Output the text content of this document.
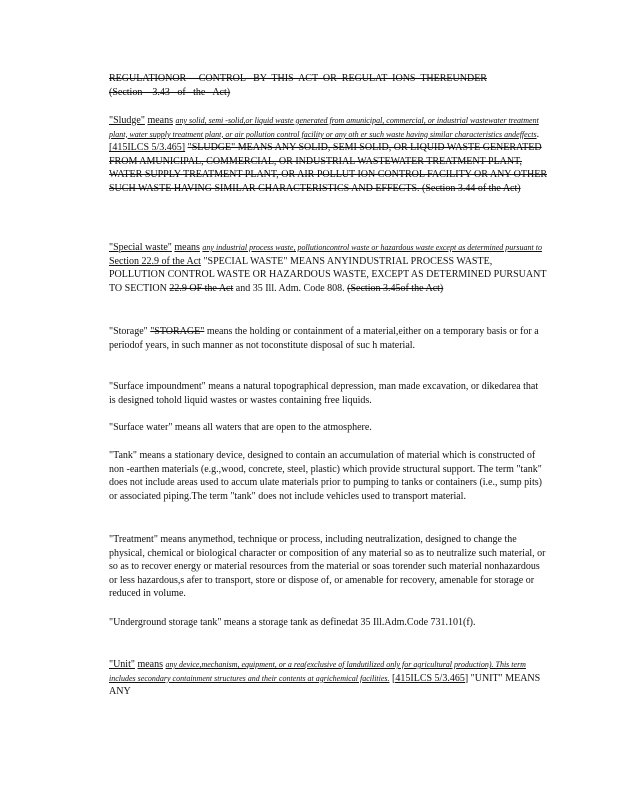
REGULATIONOR     CONTROL   BY  THIS  ACT  OR  REGULAT  IONS  THEREUNDER
(Section    3.43   of   the   Act)
"Sludge" means any solid, semi -solid,or liquid waste generated from amunicipal, commercial, or industrial wastewater treatment plant, water supply treatment plant, or air pollution control facility or any oth er such waste having similar characteristics andeffects. [415ILCS 5/3.465] "SLUDGE" MEANS ANY SOLID, SEMI SOLID, OR LIQUID WASTE GENERATED FROM AMUNICIPAL, COMMERCIAL, OR INDUSTRIAL WASTEWATER TREATMENT PLANT, WATER SUPPLY TREATMENT PLANT, OR AIR POLLUT ION CONTROL FACILITY OR ANY OTHER SUCH WASTE HAVING SIMILAR CHARACTERISTICS AND EFFECTS. (Section 3.44 of the Act)
"Special waste" means any industrial process waste, pollutioncontrol waste or hazardous waste except as determined pursuant to Section 22.9 of the Act "SPECIAL WASTE" MEANS ANYINDUSTRIAL PROCESS WASTE, POLLUTION CONTROL WASTE OR HAZARDOUS WASTE, EXCEPT AS DETERMINED PURSUANT TO SECTION 22.9 OF the Act and 35 Ill. Adm. Code 808. (Section 3.45of the Act)
"Storage" "STORAGE" means the holding or containment of a material,either on a temporary basis or for a periodof years, in such manner as not toconstitute disposal of suc h material.
"Surface impoundment" means a natural topographical depression, man made excavation, or dikedarea that is designed tohold liquid wastes or wastes containing free liquids.
"Surface water" means all waters that are open to the atmosphere.
"Tank" means a stationary device, designed to contain an accumulation of material which is constructed of non -earthen materials (e.g.,wood, concrete, steel, plastic) which provide structural support. The term "tank" does not include areas used to accum ulate materials prior to pumping to tanks or containers (i.e., sump pits) or associated piping.The term "tank" does not include vehicles used to transport material.
"Treatment" means anymethod, technique or process, including neutralization, designed to change the physical, chemical or biological character or composition of any material so as to neutralize such material, or so as to recover energy or material resources from the material or soas torender such material nonhazardous or less hazardous,s afer to transport, store or dispose of, or amenable for recovery, amenable for storage or reduced in volume.
"Underground storage tank" means a storage tank as definedat 35 Ill.Adm.Code 731.101(f).
"Unit" means any device,mechanism, equipment, or a rea(exclusive of landutilized only for agricultural production). This term includes secondary containment structures and their contents at agrichemical facilities. [415ILCS 5/3.465] "UNIT" MEANS ANY
